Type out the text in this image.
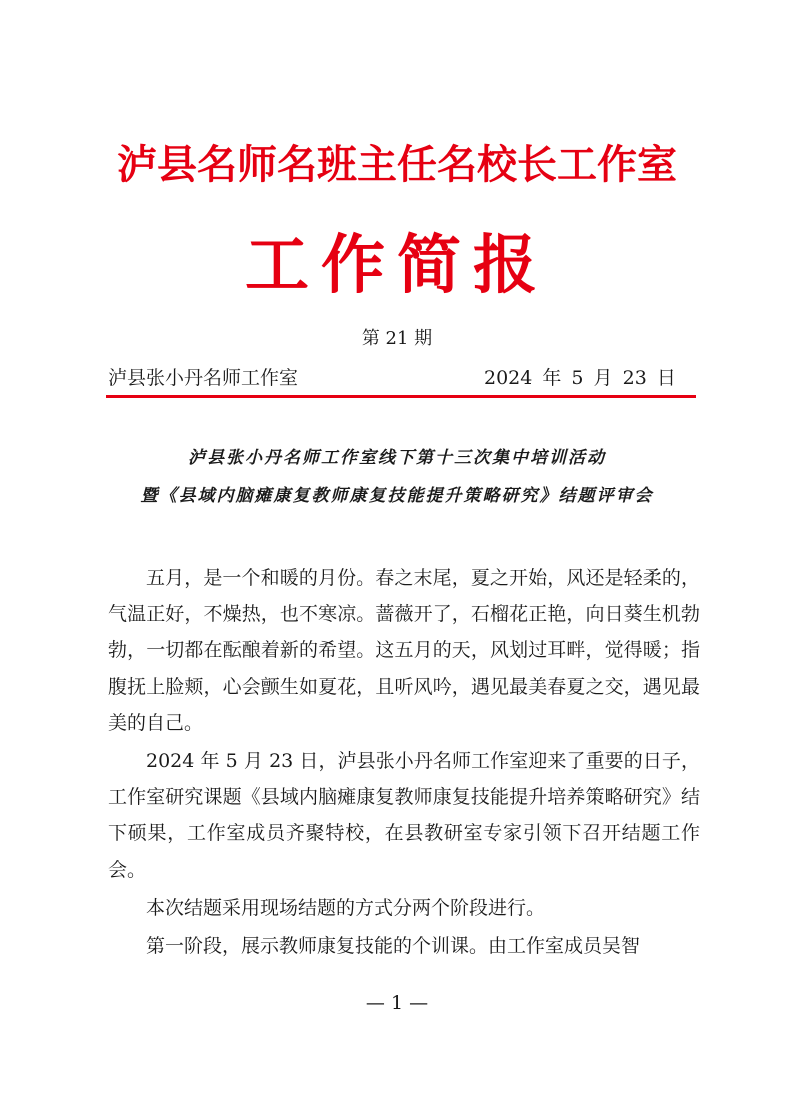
泸县名师名班主任名校长工作室
工作简报
第 21 期
泸县张小丹名师工作室	2024 年 5 月 23 日
泸县张小丹名师工作室线下第十三次集中培训活动
暨《县域内脑瘫康复教师康复技能提升策略研究》结题评审会

五月，是一个和暖的月份。春之末尾，夏之开始，风还是轻柔的，气温正好，不燥热，也不寒凉。蔷薇开了，石榴花正艳，向日葵生机勃勃，一切都在酝酿着新的希望。这五月的天，风划过耳畔，觉得暖；指腹抚上脸颊，心会颤生如夏花，且听风吟，遇见最美春夏之交，遇见最美的自己。

2024 年 5 月 23 日，泸县张小丹名师工作室迎来了重要的日子，工作室研究课题《县域内脑瘫康复教师康复技能提升培养策略研究》结下硕果，工作室成员齐聚特校，在县教研室专家引领下召开结题工作会。

本次结题采用现场结题的方式分两个阶段进行。

第一阶段，展示教师康复技能的个训课。由工作室成员吴智

— 1 —
